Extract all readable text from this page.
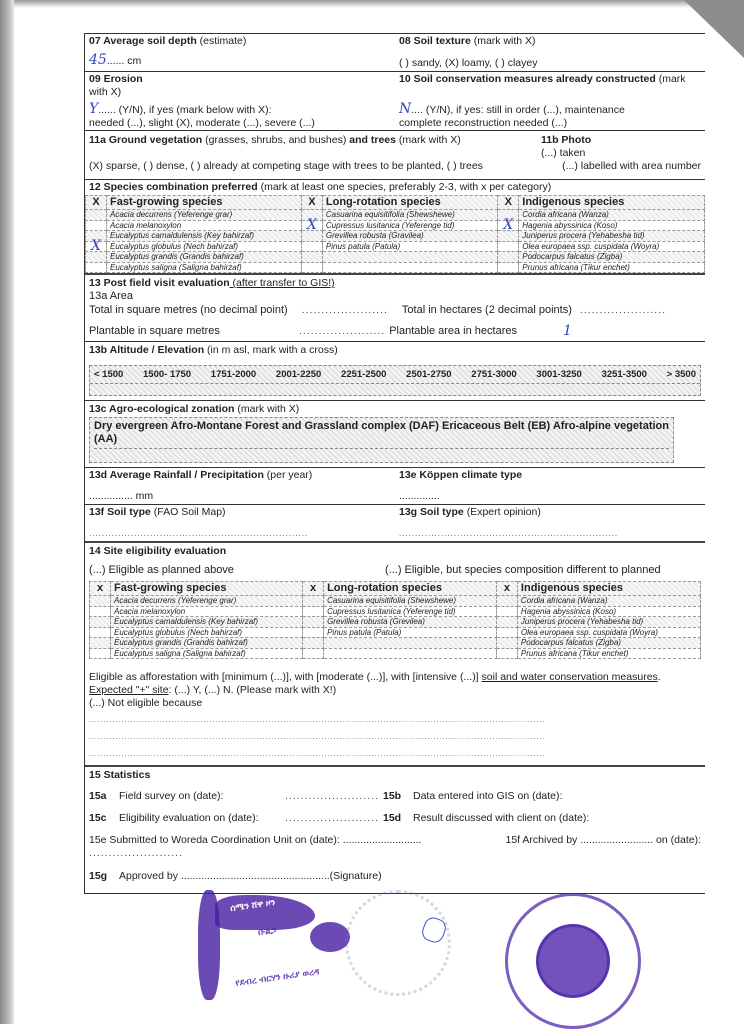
07 Average soil depth (estimate)
45...... cm
08 Soil texture (mark with X)
( ) sandy, (X) loamy, ( ) clayey
09 Erosion
with X)
Y...... (Y/N), if yes (mark below with X):
needed (...), slight (X), moderate (...), severe (...)
10 Soil conservation measures already constructed (mark
N.... (Y/N), if yes: still in order (...), maintenance
complete reconstruction needed (...)
11a Ground vegetation (grasses, shrubs, and bushes) and trees (mark with X)	11b Photo
(...) taken
(X) sparse, ( ) dense, ( ) already at competing stage with trees to be planted, ( ) trees	(...) labelled with area number
12 Species combination preferred (mark at least one species, preferably 2-3, with x per category)
X	Fast-growing species	X	Long-rotation species	X	Indigenous species
	Acacia decurrens (Yeferenge grar)		Casuarina equisitifolia (Shewshewe)		Cordia africana (Wanza)
	Acacia melanoxylon	X	Cupressus lusitanica (Yeferenge tid)	X	Hagenia abyssinica (Koso)
	Eucalyptus camaldulensis (Key bahirzaf)		Grevillea robusta (Gravilea)		Juniperus procera (Yehabesha tid)
X	Eucalyptus globulus (Nech bahirzaf)		Pinus patula (Patula)		Olea europaea ssp. cuspidata (Woyra)
	Eucalyptus grandis (Grandis bahirzaf)				Podocarpus falcatus (Zigba)
	Eucalyptus saligna (Saligna bahirzaf)				Prunus africana (Tikur enchet)
13 Post field visit evaluation (after transfer to GIS!)
13a Area
Total in square metres (no decimal point) ...................... Total in hectares (2 decimal points) ......................
Plantable in square metres	...................... Plantable area in hectares	1
13b Altitude / Elevation (in m asl, mark with a cross)
< 1500 1500- 1750 1751-2000 2001-2250 2251-2500 2501-2750 2751-3000 3001-3250 3251-3500 > 3500
13c Agro-ecological zonation (mark with X)
Dry evergreen Afro-Montane Forest and Grassland complex (DAF) Ericaceous Belt (EB) Afro-alpine vegetation (AA)
13d Average Rainfall / Precipitation (per year)
............... mm
13e Köppen climate type
..............
13f Soil type (FAO Soil Map)
....................................................................
13g Soil type (Expert opinion)
....................................................................
14 Site eligibility evaluation
(...) Eligible as planned above	(...) Eligible, but species composition different to planned
x	Fast-growing species	x	Long-rotation species	x	Indigenous species
	Acacia decurrens (Yeferenge grar)		Casuarina equisitifolia (Shewshewe)		Cordia africana (Wanza)
	Acacia melanoxylon		Cupressus lusitanica (Yeferenge tid)		Hagenia abyssinica (Koso)
	Eucalyptus camaldulensis (Key bahirzaf)		Grevillea robusta (Grevilea)		Juniperus procera (Yehabesha tid)
	Eucalyptus globulus (Nech bahirzaf)		Pinus patula (Patula)		Olea europaea ssp. cuspidata (Woyra)
	Eucalyptus grandis (Grandis bahirzaf)				Podocarpus falcatus (Zigba)
	Eucalyptus saligna (Saligna bahirzaf)				Prunus africana (Tikur enchet)
Eligible as afforestation with [minimum (...)], with [moderate (...)], with [intensive (...)] soil and water conservation measures. Expected "+" site: (...) Y, (...) N. (Please mark with X!)
(...) Not eligible because
...........................................................................................................................................................
...........................................................................................................................................................
...........................................................................................................................................................
15 Statistics
15a	Field survey on (date):	........................ 15b	Data entered into GIS on (date):
15c	Eligibility evaluation on (date):	........................ 15d	Result discussed with client on (date):
15e Submitted to Woreda Coordination Unit on (date): ...........................	15f Archived by ......................... on (date):
........................
15g	Approved by ...................................................(Signature)
ሰሜን ሸዋ ዞን
ቡልጋ
የደብረ ብርሃን ዙሪያ ወረዳ
